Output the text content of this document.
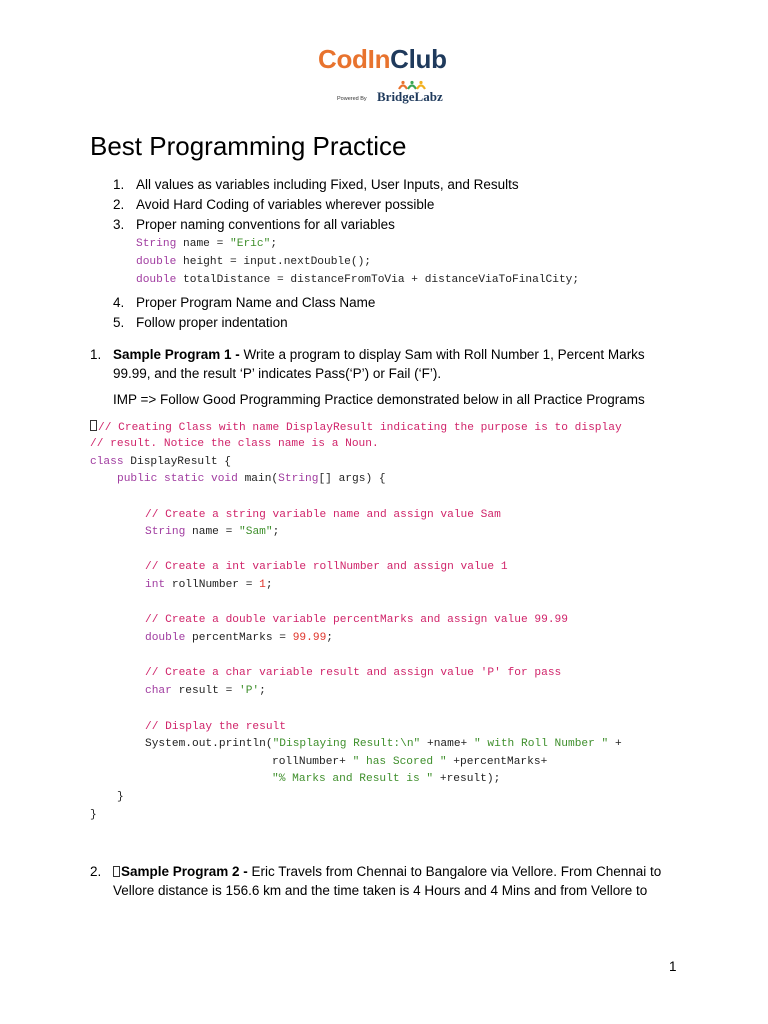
CodInClub
Powered By BridgeLabz
Best Programming Practice
1. All values as variables including Fixed, User Inputs, and Results
2. Avoid Hard Coding of variables wherever possible
3. Proper naming conventions for all variables
String name = "Eric";
double height = input.nextDouble();
double totalDistance = distanceFromToVia + distanceViaToFinalCity;
4. Proper Program Name and Class Name
5. Follow proper indentation
1. Sample Program 1 - Write a program to display Sam with Roll Number 1, Percent Marks
99.99, and the result ‘P’ indicates Pass(‘P’) or Fail (‘F’).
IMP => Follow Good Programming Practice demonstrated below in all Practice Programs
// Creating Class with name DisplayResult indicating the purpose is to display
// result. Notice the class name is a Noun.
class DisplayResult {
public static void main(String[] args) {
// Create a string variable name and assign value Sam
String name = "Sam";
// Create a int variable rollNumber and assign value 1
int rollNumber = 1;
// Create a double variable percentMarks and assign value 99.99
double percentMarks = 99.99;
// Create a char variable result and assign value 'P' for pass
char result = 'P';
// Display the result
System.out.println("Displaying Result:\n" +name+ " with Roll Number " +
rollNumber+ " has Scored " +percentMarks+
"% Marks and Result is " +result);
}
}
2.	Sample Program 2 - Eric Travels from Chennai to Bangalore via Vellore. From Chennai to
Vellore distance is 156.6 km and the time taken is 4 Hours and 4 Mins and from Vellore to
1
